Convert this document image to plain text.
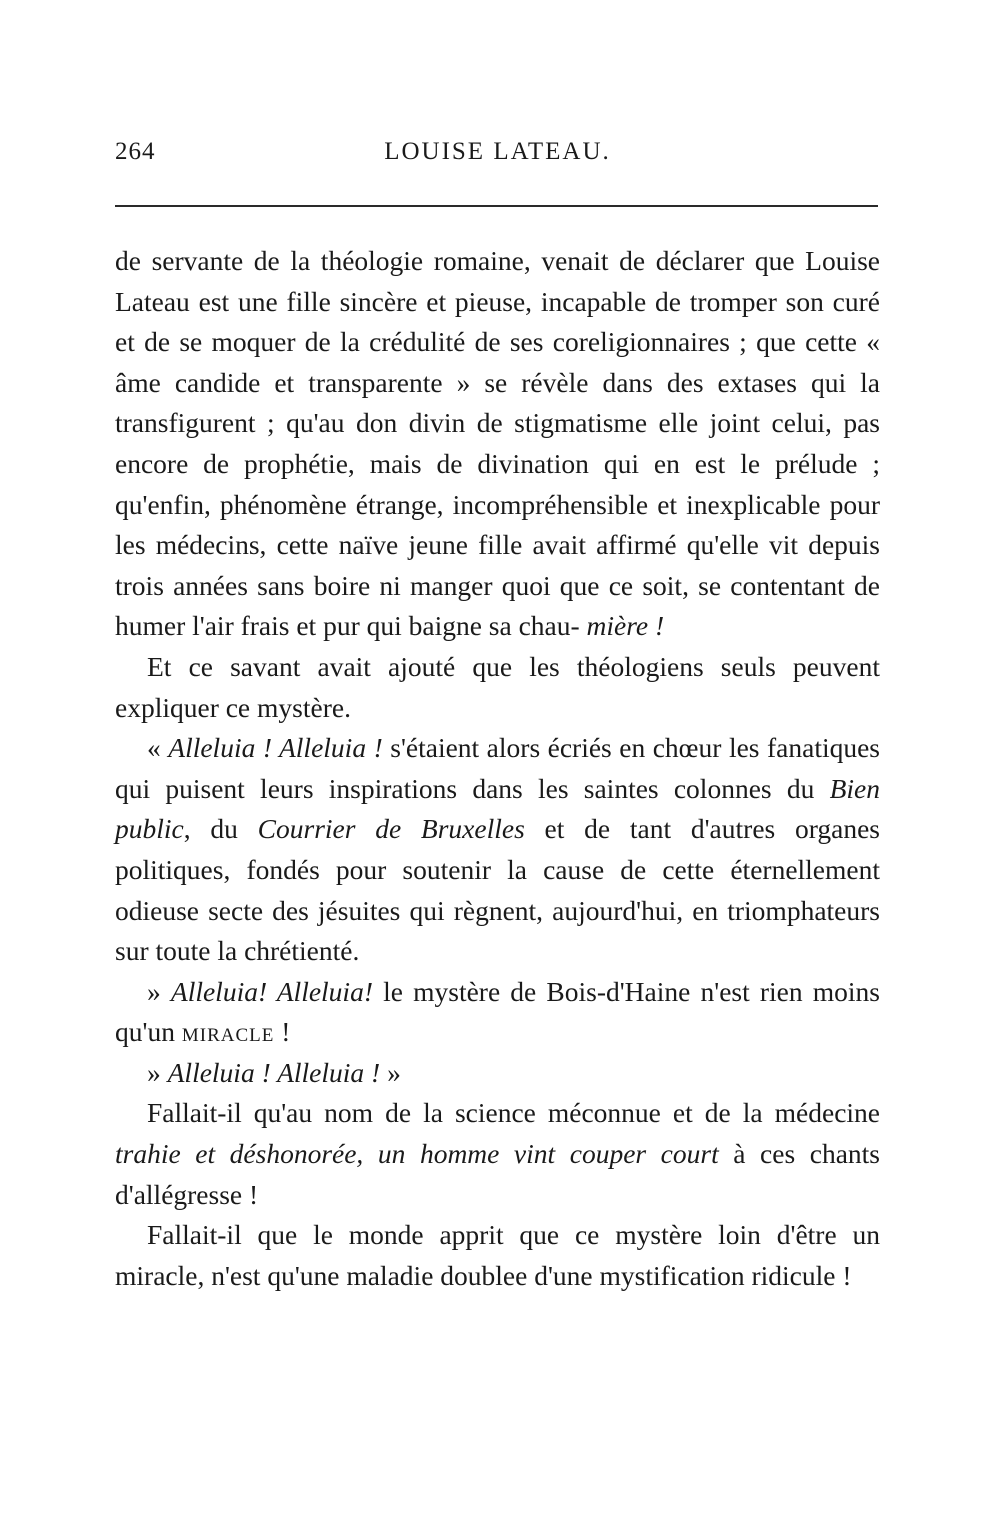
264	LOUISE LATEAU.

de servante de la théologie romaine, venait de déclarer que Louise Lateau est une fille sincère et pieuse, incapable de tromper son curé et de se moquer de la crédulité de ses coreligionnaires ; que cette « âme candide et transparente » se révèle dans des extases qui la transfigurent ; qu'au don divin de stigmatisme elle joint celui, pas encore de prophétie, mais de divination qui en est le prélude ; qu'enfin, phénomène étrange, incompréhensible et inexplicable pour les médecins, cette naïve jeune fille avait affirmé qu'elle vit depuis trois années sans boire ni manger quoi que ce soit, se contentant de humer l'air frais et pur qui baigne sa chau- mière !

Et ce savant avait ajouté que les théologiens seuls peuvent expliquer ce mystère.

« Alleluia ! Alleluia ! s'étaient alors écriés en chœur les fanatiques qui puisent leurs inspirations dans les saintes colonnes du Bien public, du Courrier de Bruxelles et de tant d'autres organes politiques, fondés pour soutenir la cause de cette éternellement odieuse secte des jésuites qui règnent, aujourd'hui, en triomphateurs sur toute la chrétienté.

» Alleluia! Alleluia! le mystère de Bois-d'Haine n'est rien moins qu'un miracle !

» Alleluia ! Alleluia ! »

Fallait-il qu'au nom de la science méconnue et de la médecine trahie et déshonorée, un homme vint couper court à ces chants d'allégresse !

Fallait-il que le monde apprit que ce mystère loin d'être un miracle, n'est qu'une maladie doublee d'une mystification ridicule !
